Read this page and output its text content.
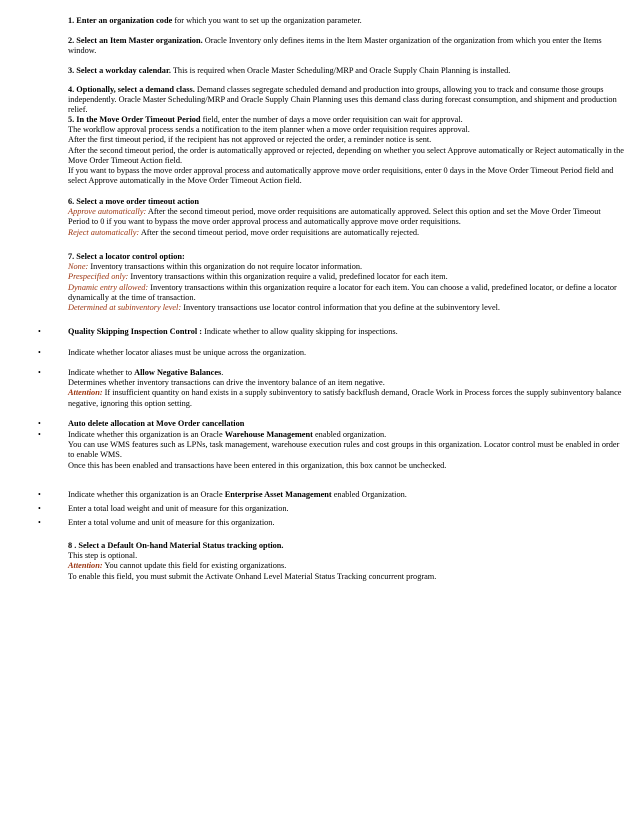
1. Enter an organization code for which you want to set up the organization parameter.

2. Select an Item Master organization. Oracle Inventory only defines items in the Item Master organization of the organization from which you enter the Items window.

3. Select a workday calendar. This is required when Oracle Master Scheduling/MRP and Oracle Supply Chain Planning is installed.

4. Optionally, select a demand class. Demand classes segregate scheduled demand and production into groups, allowing you to track and consume those groups independently. Oracle Master Scheduling/MRP and Oracle Supply Chain Planning uses this demand class during forecast consumption, and shipment and production relief.

5. In the Move Order Timeout Period field, enter the number of days a move order requisition can wait for approval.

The workflow approval process sends a notification to the item planner when a move order requisition requires approval.

After the first timeout period, if the recipient has not approved or rejected the order, a reminder notice is sent.

After the second timeout period, the order is automatically approved or rejected, depending on whether you select Approve automatically or Reject automatically in the Move Order Timeout Action field.

If you want to bypass the move order approval process and automatically approve move order requisitions, enter 0 days in the Move Order Timeout Period field and select Approve automatically in the Move Order Timeout Action field.

6. Select a move order timeout action

Approve automatically: After the second timeout period, move order requisitions are automatically approved. Select this option and set the Move Order Timeout Period to 0 if you want to bypass the move order approval process and automatically approve move order requisitions.

Reject automatically: After the second timeout period, move order requisitions are automatically rejected.

7. Select a locator control option:

None: Inventory transactions within this organization do not require locator information.

Prespecified only: Inventory transactions within this organization require a valid, predefined locator for each item.

Dynamic entry allowed: Inventory transactions within this organization require a locator for each item. You can choose a valid, predefined locator, or define a locator dynamically at the time of transaction.

Determined at subinventory level: Inventory transactions use locator control information that you define at the subinventory level.

•	Quality Skipping Inspection Control : Indicate whether to allow quality skipping for inspections.

•	Indicate whether locator aliases must be unique across the organization.

•	Indicate whether to Allow Negative Balances.

Determines whether inventory transactions can drive the inventory balance of an item negative.

Attention: If insufficient quantity on hand exists in a supply subinventory to satisfy backflush demand, Oracle Work in Process forces the supply subinventory balance negative, ignoring this option setting.

•	Auto delete allocation at Move Order cancellation

•	Indicate whether this organization is an Oracle Warehouse Management enabled organization.

You can use WMS features such as LPNs, task management, warehouse execution rules and cost groups in this organization. Locator control must be enabled in order to enable WMS.

Once this has been enabled and transactions have been entered in this organization, this box cannot be unchecked.

•	Indicate whether this organization is an Oracle Enterprise Asset Management enabled Organization.

•	Enter a total load weight and unit of measure for this organization.

•	Enter a total volume and unit of measure for this organization.

8 . Select a Default On-hand Material Status tracking option.

This step is optional.

Attention: You cannot update this field for existing organizations.

To enable this field, you must submit the Activate Onhand Level Material Status Tracking concurrent program.
